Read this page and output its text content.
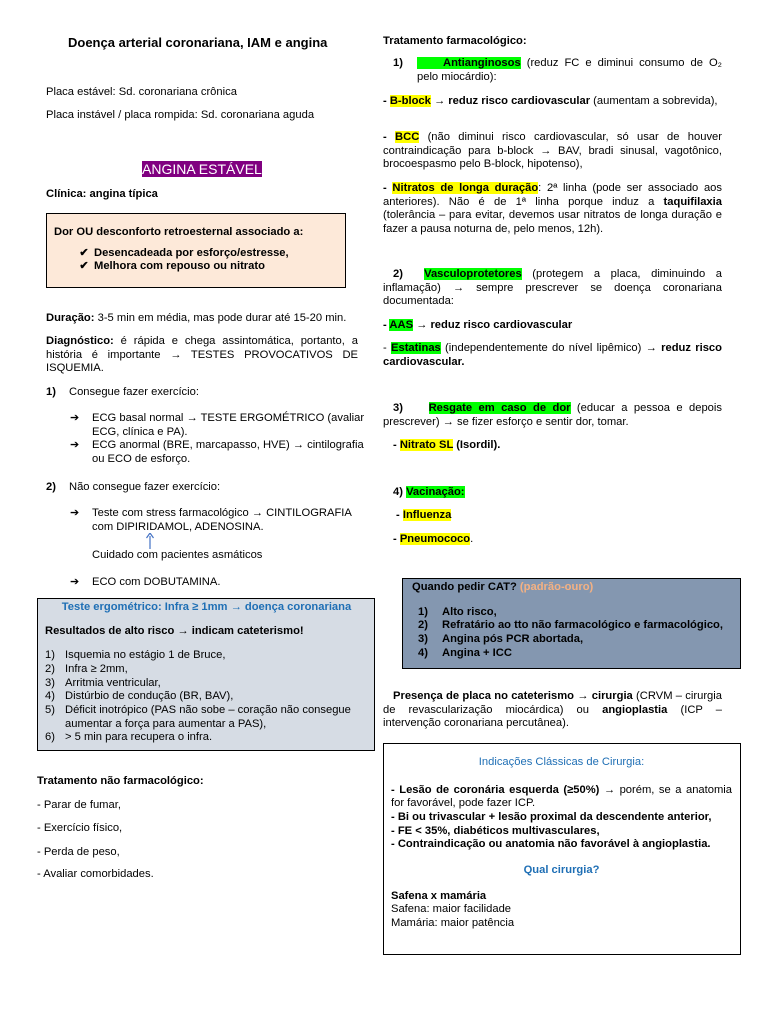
Doença arterial coronariana, IAM e angina
Placa estável: Sd. coronariana crônica
Placa instável / placa rompida: Sd. coronariana aguda
ANGINA ESTÁVEL
Clínica: angina típica
Dor OU desconforto retroesternal associado a:
✔ Desencadeada por esforço/estresse,
✔ Melhora com repouso ou nitrato
Duração: 3-5 min em média, mas pode durar até 15-20 min.
Diagnóstico: é rápida e chega assintomática, portanto, a história é importante → TESTES PROVOCATIVOS DE ISQUEMIA.
1)	Consegue fazer exercício:
➔	ECG basal normal → TESTE ERGOMÉTRICO (avaliar ECG, clínica e PA).
➔	ECG anormal (BRE, marcapasso, HVE) → cintilografia ou ECO de esforço.
2)	Não consegue fazer exercício:
➔	Teste com stress farmacológico → CINTILOGRAFIA com DIPIRIDAMOL, ADENOSINA.
Cuidado com pacientes asmáticos
➔	ECO com DOBUTAMINA.
Teste ergométrico: Infra ≥ 1mm → doença coronariana
Resultados de alto risco → indicam cateterismo!
1) Isquemia no estágio 1 de Bruce,
2) Infra ≥ 2mm,
3) Arritmia ventricular,
4) Distúrbio de condução (BR, BAV),
5) Déficit inotrópico (PAS não sobe – coração não consegue aumentar a força para aumentar a PAS),
6) > 5 min para recupera o infra.
Tratamento não farmacológico:
- Parar de fumar,
- Exercício físico,
- Perda de peso,
- Avaliar comorbidades.
Tratamento farmacológico:
1)	Antianginosos (reduz FC e diminui consumo de O₂ pelo miocárdio):
- B-block → reduz risco cardiovascular (aumentam a sobrevida),
- BCC (não diminui risco cardiovascular, só usar de houver contraindicação para b-block → BAV, bradi sinusal, vagotônico, brocoespasmo pelo B-block, hipotenso),
- Nitratos de longa duração: 2ª linha (pode ser associado aos anteriores). Não é de 1ª linha porque induz a taquifilaxia (tolerância – para evitar, devemos usar nitratos de longa duração e fazer a pausa noturna de, pelo menos, 12h).
2) Vasculoprotetores (protegem a placa, diminuindo a inflamação) → sempre prescrever se doença coronariana documentada:
- AAS → reduz risco cardiovascular
- Estatinas (independentemente do nível lipêmico) → reduz risco cardiovascular.
3) Resgate em caso de dor (educar a pessoa e depois prescrever) → se fizer esforço e sentir dor, tomar.
- Nitrato SL (Isordil).
4) Vacinação:
- Influenza
- Pneumococo.
Quando pedir CAT? (padrão-ouro)
1)	Alto risco,
2)	Refratário ao tto não farmacológico e farmacológico,
3)	Angina pós PCR abortada,
4)	Angina + ICC
Presença de placa no cateterismo → cirurgia (CRVM – cirurgia de revascularização miocárdica) ou angioplastia (ICP – intervenção coronariana percutânea).
Indicações Clássicas de Cirurgia:
- Lesão de coronária esquerda (≥50%) → porém, se a anatomia for favorável, pode fazer ICP.
- Bi ou trivascular + lesão proximal da descendente anterior,
- FE < 35%, diabéticos multivasculares,
- Contraindicação ou anatomia não favorável à angioplastia.
Qual cirurgia?
Safena x mamária
Safena: maior facilidade
Mamária: maior patência
